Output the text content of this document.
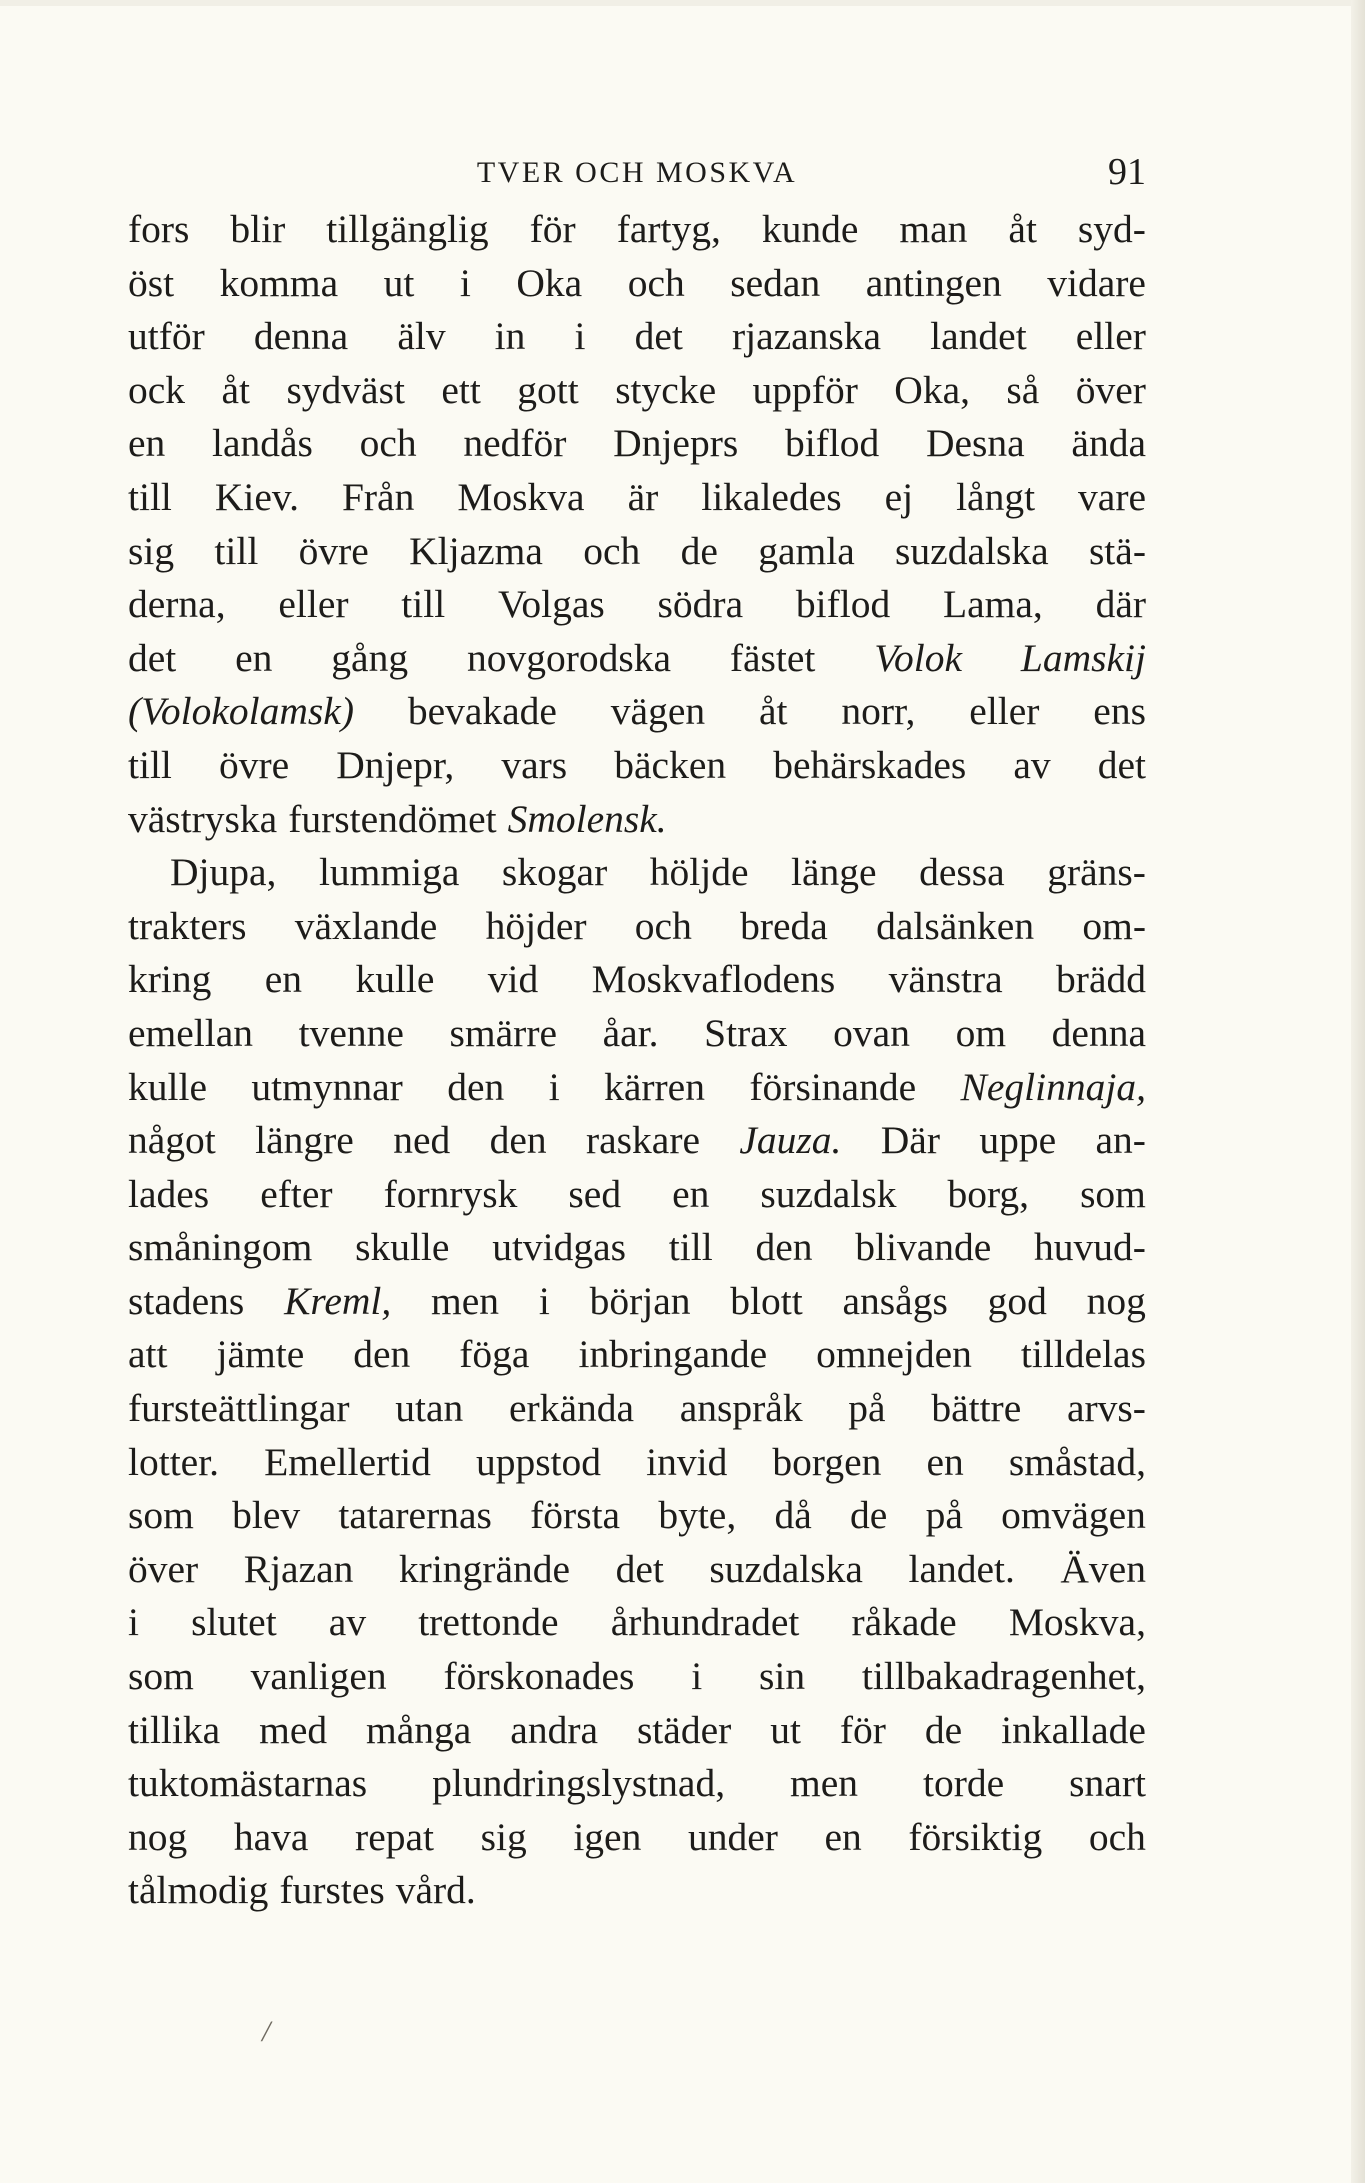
TVER OCH MOSKVA	91
fors blir tillgänglig för fartyg, kunde man åt syd-
öst komma ut i Oka och sedan antingen vidare
utför denna älv in i det rjazanska landet eller
ock åt sydväst ett gott stycke uppför Oka, så över
en landås och nedför Dnjeprs biflod Desna ända
till Kiev. Från Moskva är likaledes ej långt vare
sig till övre Kljazma och de gamla suzdalska stä-
derna, eller till Volgas södra biflod Lama, där
det en gång novgorodska fästet Volok Lamskij
(Volokolamsk) bevakade vägen åt norr, eller ens
till övre Dnjepr, vars bäcken behärskades av det
västryska furstendömet Smolensk.
Djupa, lummiga skogar höljde länge dessa gräns-
trakters växlande höjder och breda dalsänken om-
kring en kulle vid Moskvaflodens vänstra brädd
emellan tvenne smärre åar. Strax ovan om denna
kulle utmynnar den i kärren försinande Neglinnaja,
något längre ned den raskare Jauza. Där uppe an-
lades efter fornrysk sed en suzdalsk borg, som
småningom skulle utvidgas till den blivande huvud-
stadens Kreml, men i början blott ansågs god nog
att jämte den föga inbringande omnejden tilldelas
fursteättlingar utan erkända anspråk på bättre arvs-
lotter. Emellertid uppstod invid borgen en småstad,
som blev tatarernas första byte, då de på omvägen
över Rjazan kringrände det suzdalska landet. Även
i slutet av trettonde århundradet råkade Moskva,
som vanligen förskonades i sin tillbakadragenhet,
tillika med många andra städer ut för de inkallade
tuktomästarnas plundringslystnad, men torde snart
nog hava repat sig igen under en försiktig och
tålmodig furstes vård.
/
